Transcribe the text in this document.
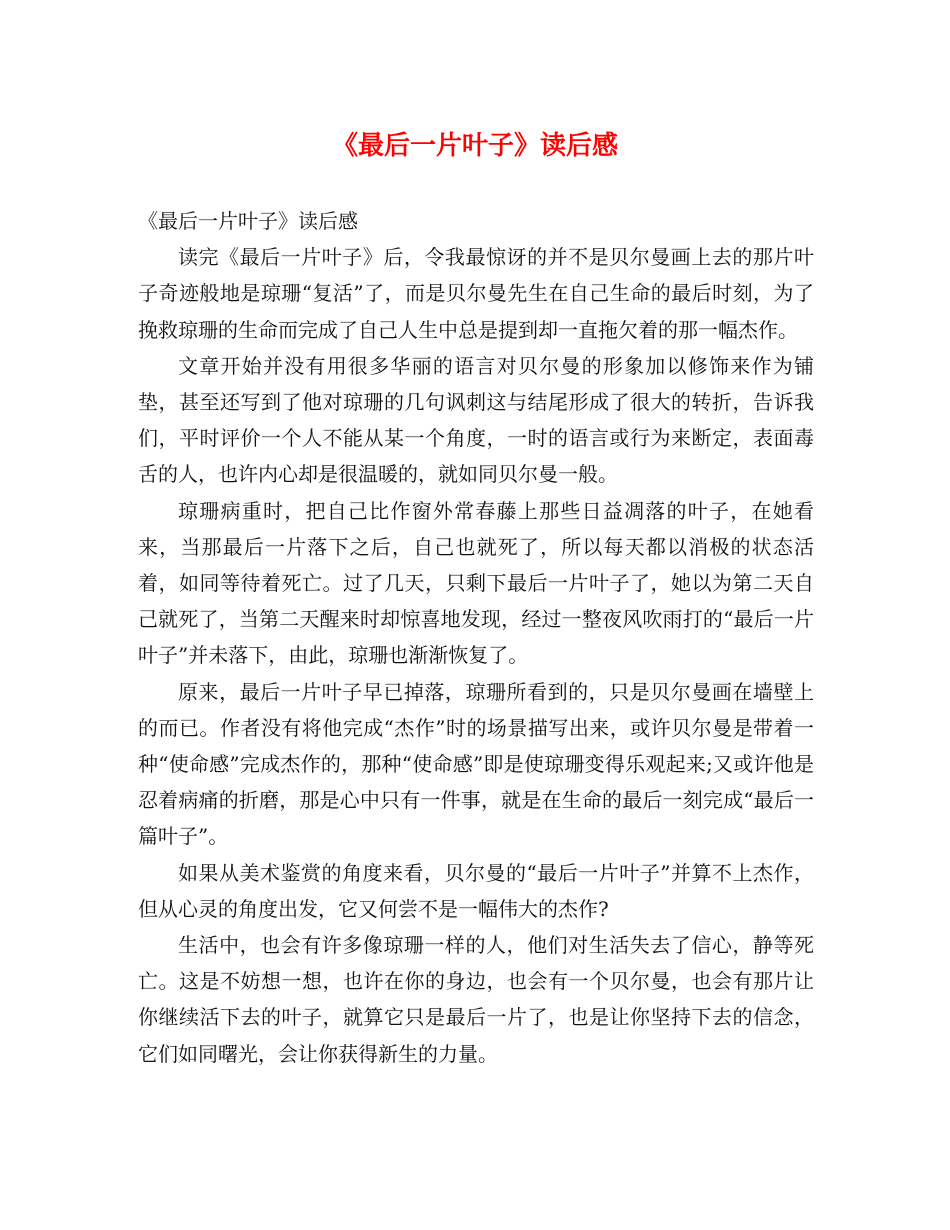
《最后一片叶子》读后感

《最后一片叶子》读后感

读完《最后一片叶子》后，令我最惊讶的并不是贝尔曼画上去的那片叶子奇迹般地是琼珊“复活”了，而是贝尔曼先生在自己生命的最后时刻，为了挽救琼珊的生命而完成了自己人生中总是提到却一直拖欠着的那一幅杰作。

文章开始并没有用很多华丽的语言对贝尔曼的形象加以修饰来作为铺垫，甚至还写到了他对琼珊的几句讽刺这与结尾形成了很大的转折，告诉我们，平时评价一个人不能从某一个角度，一时的语言或行为来断定，表面毒舌的人，也许内心却是很温暖的，就如同贝尔曼一般。

琼珊病重时，把自己比作窗外常春藤上那些日益凋落的叶子，在她看来，当那最后一片落下之后，自己也就死了，所以每天都以消极的状态活着，如同等待着死亡。过了几天，只剩下最后一片叶子了，她以为第二天自己就死了，当第二天醒来时却惊喜地发现，经过一整夜风吹雨打的“最后一片叶子”并未落下，由此，琼珊也渐渐恢复了。

原来，最后一片叶子早已掉落，琼珊所看到的，只是贝尔曼画在墙壁上的而已。作者没有将他完成“杰作”时的场景描写出来，或许贝尔曼是带着一种“使命感”完成杰作的，那种“使命感”即是使琼珊变得乐观起来;又或许他是忍着病痛的折磨，那是心中只有一件事，就是在生命的最后一刻完成“最后一篇叶子”。

如果从美术鉴赏的角度来看，贝尔曼的“最后一片叶子”并算不上杰作，但从心灵的角度出发，它又何尝不是一幅伟大的杰作?

生活中，也会有许多像琼珊一样的人，他们对生活失去了信心，静等死亡。这是不妨想一想，也许在你的身边，也会有一个贝尔曼，也会有那片让你继续活下去的叶子，就算它只是最后一片了，也是让你坚持下去的信念，它们如同曙光，会让你获得新生的力量。
